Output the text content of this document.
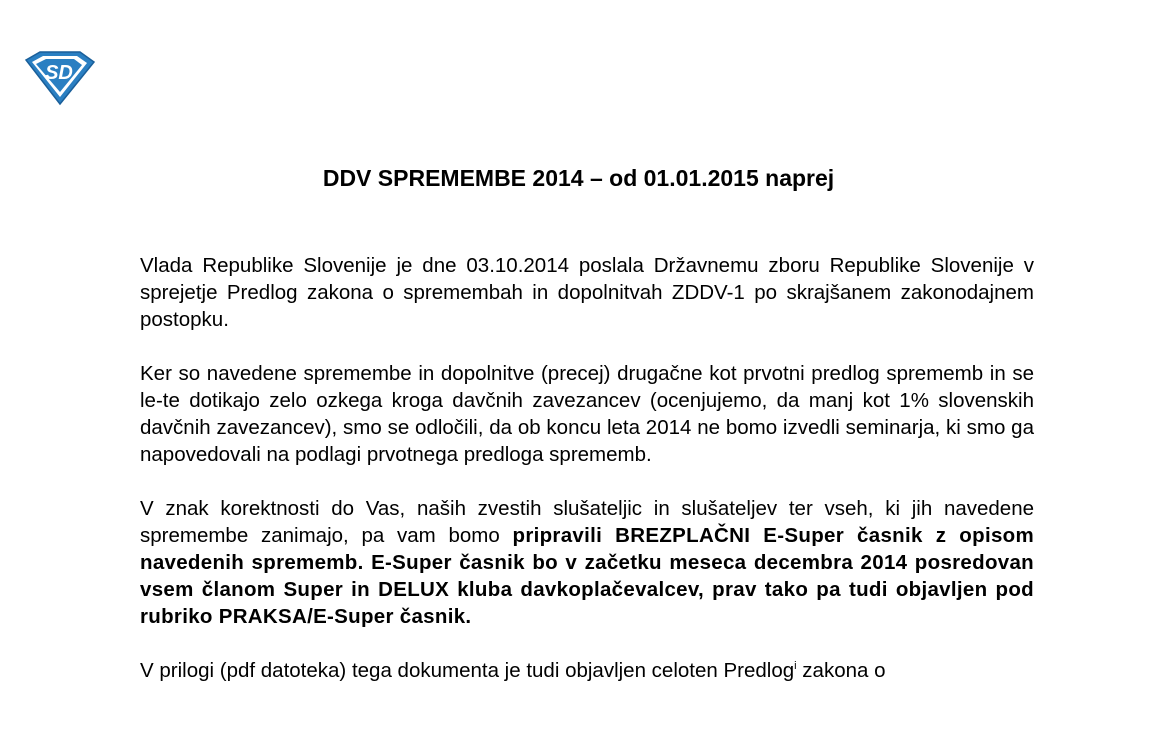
SD
DDV SPREMEMBE 2014 – od 01.01.2015 naprej

Vlada Republike Slovenije je dne 03.10.2014 poslala Državnemu zboru Republike Slovenije v sprejetje Predlog zakona o spremembah in dopolnitvah ZDDV-1 po skrajšanem zakonodajnem postopku.

Ker so navedene spremembe in dopolnitve (precej) drugačne kot prvotni predlog sprememb in se le-te dotikajo zelo ozkega kroga davčnih zavezancev (ocenjujemo, da manj kot 1% slovenskih davčnih zavezancev), smo se odločili, da ob koncu leta 2014 ne bomo izvedli seminarja, ki smo ga napovedovali na podlagi prvotnega predloga sprememb.

V znak korektnosti do Vas, naših zvestih slušateljic in slušateljev ter vseh, ki jih navedene spremembe zanimajo, pa vam bomo pripravili BREZPLAČNI E-Super časnik z opisom navedenih sprememb. E-Super časnik bo v začetku meseca decembra 2014 posredovan vsem članom Super in DELUX kluba davkoplačevalcev, prav tako pa tudi objavljen pod rubriko PRAKSA/E-Super časnik.

V prilogi (pdf datoteka) tega dokumenta je tudi objavljen celoten Predlog$^i$ zakona o
